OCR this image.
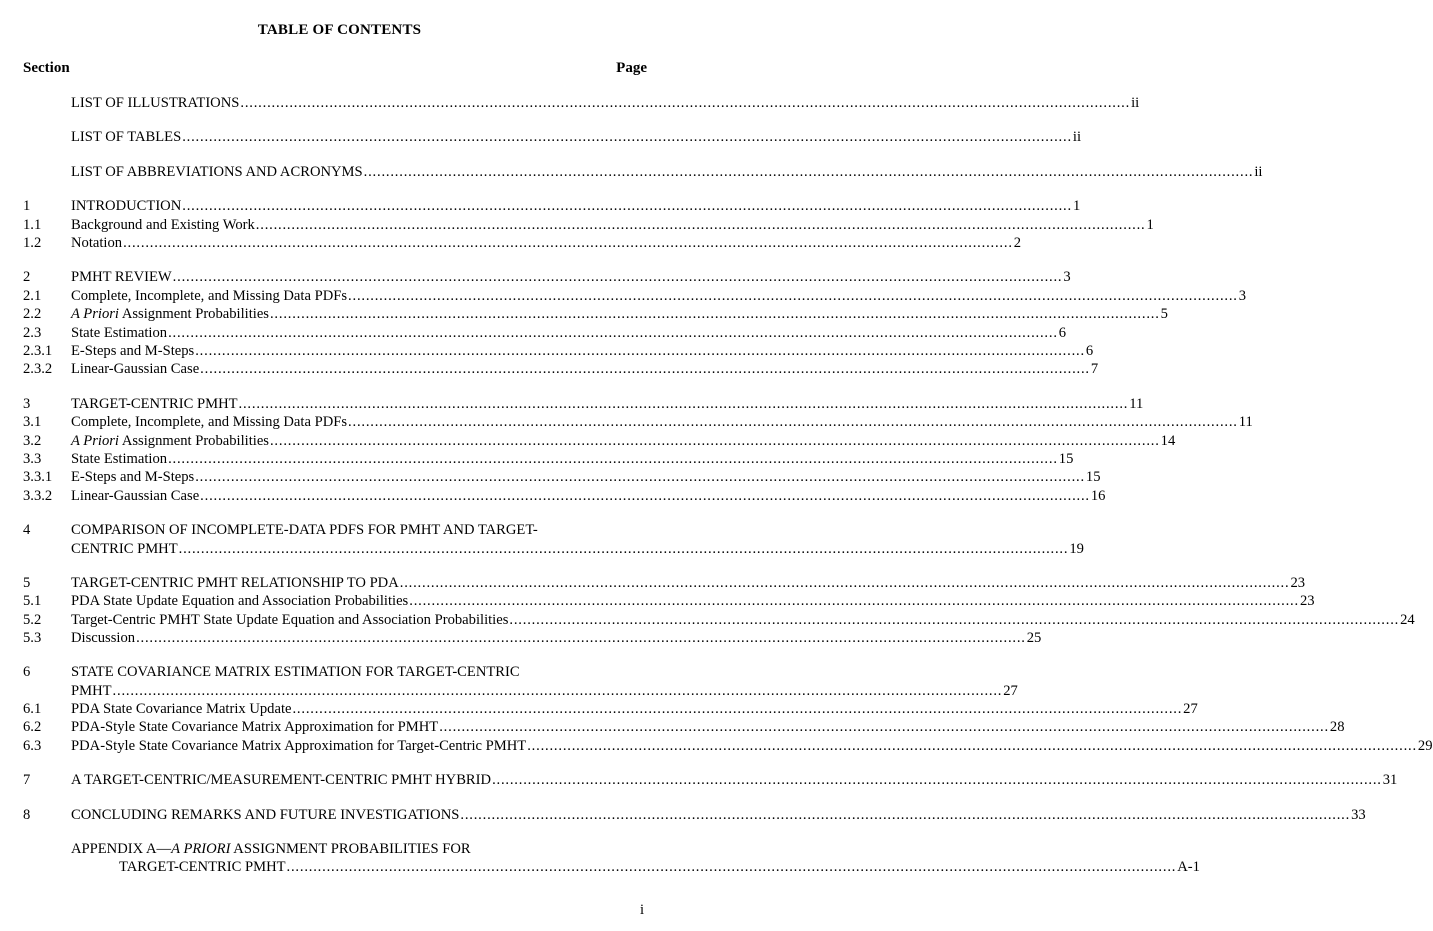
TABLE OF CONTENTS
Section	Page
LIST OF ILLUSTRATIONS ........................................................................................................................................................................................................ ii
LIST OF TABLES ........................................................................................................................................................................................................ ii
LIST OF ABBREVIATIONS AND ACRONYMS ........................................................................................................................................................................................................ ii
1	INTRODUCTION ........................................................................................................................................................................................................ 1
1.1 Background and Existing Work ........................................................................................................................................................................................................ 1
1.2 Notation ........................................................................................................................................................................................................ 2
2	PMHT REVIEW ........................................................................................................................................................................................................ 3
2.1 Complete, Incomplete, and Missing Data PDFs ........................................................................................................................................................................................................ 3
2.2 A Priori Assignment Probabilities ........................................................................................................................................................................................................ 5
2.3 State Estimation ........................................................................................................................................................................................................ 6
2.3.1 E-Steps and M-Steps ........................................................................................................................................................................................................ 6
2.3.2 Linear-Gaussian Case ........................................................................................................................................................................................................ 7
3	TARGET-CENTRIC PMHT ........................................................................................................................................................................................................ 11
3.1 Complete, Incomplete, and Missing Data PDFs ........................................................................................................................................................................................................ 11
3.2 A Priori Assignment Probabilities ........................................................................................................................................................................................................ 14
3.3 State Estimation ........................................................................................................................................................................................................ 15
3.3.1 E-Steps and M-Steps ........................................................................................................................................................................................................ 15
3.3.2 Linear-Gaussian Case ........................................................................................................................................................................................................ 16
4	COMPARISON OF INCOMPLETE-DATA PDFS FOR PMHT AND TARGET-
CENTRIC PMHT ........................................................................................................................................................................................................ 19
5	TARGET-CENTRIC PMHT RELATIONSHIP TO PDA ........................................................................................................................................................................................................ 23
5.1 PDA State Update Equation and Association Probabilities ........................................................................................................................................................................................................ 23
5.2 Target-Centric PMHT State Update Equation and Association Probabilities ........................................................................................................................................................................................................ 24
5.3 Discussion ........................................................................................................................................................................................................ 25
6	STATE COVARIANCE MATRIX ESTIMATION FOR TARGET-CENTRIC
PMHT ........................................................................................................................................................................................................ 27
6.1 PDA State Covariance Matrix Update ........................................................................................................................................................................................................ 27
6.2 PDA-Style State Covariance Matrix Approximation for PMHT ........................................................................................................................................................................................................ 28
6.3 PDA-Style State Covariance Matrix Approximation for Target-Centric PMHT ........................................................................................................................................................................................................ 29
7	A TARGET-CENTRIC/MEASUREMENT-CENTRIC PMHT HYBRID ........................................................................................................................................................................................................ 31
8	CONCLUDING REMARKS AND FUTURE INVESTIGATIONS ........................................................................................................................................................................................................ 33
APPENDIX A—A PRIORI ASSIGNMENT PROBABILITIES FOR
TARGET-CENTRIC PMHT ........................................................................................................................................................................................................ A-1
i
